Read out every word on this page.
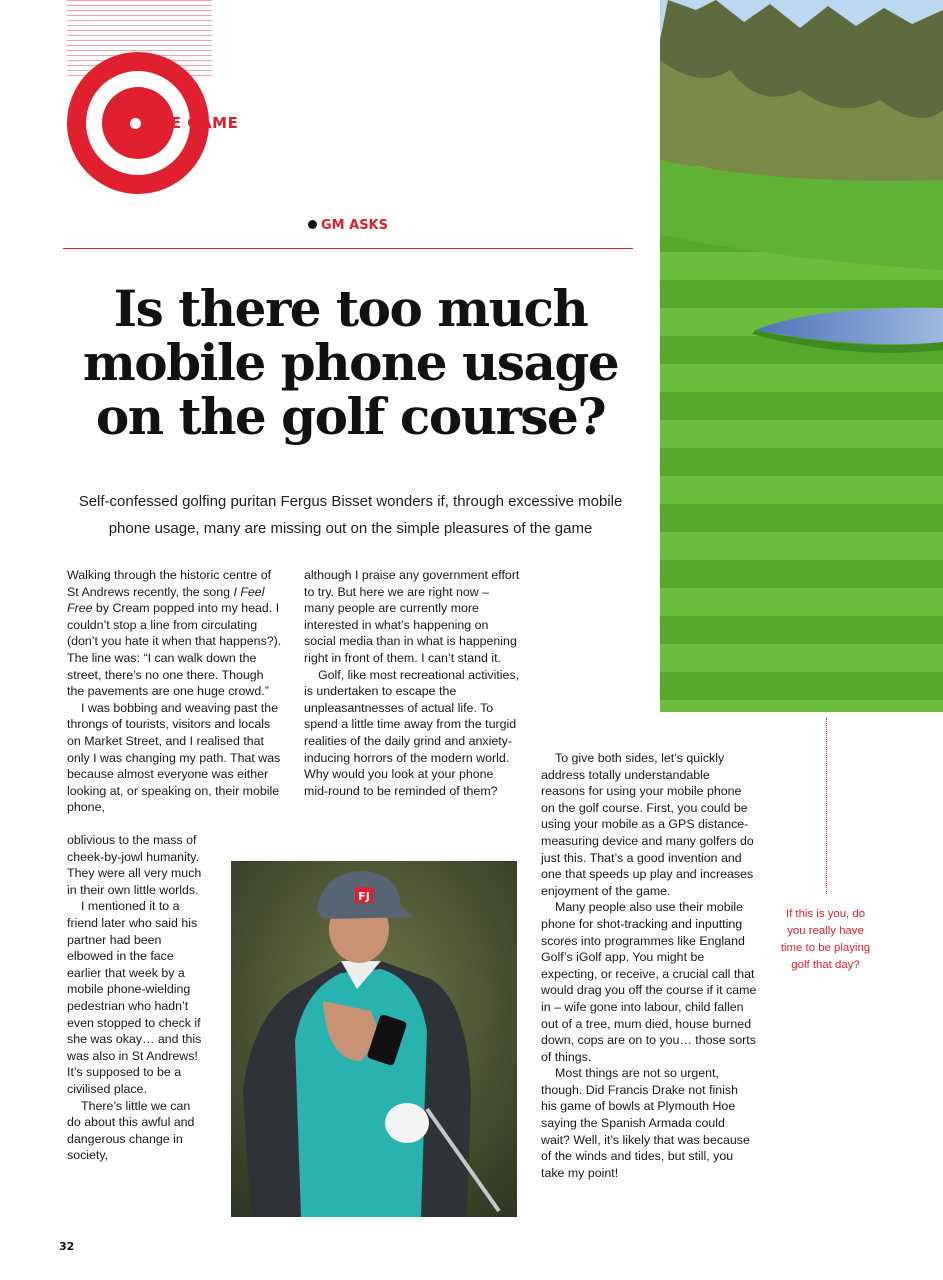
THE GAME
GM ASKS
Is there too much mobile phone usage on the golf course?

Self-confessed golfing puritan Fergus Bisset wonders if, through excessive mobile phone usage, many are missing out on the simple pleasures of the game

Walking through the historic centre of St Andrews recently, the song I Feel Free by Cream popped into my head. I couldn’t stop a line from circulating (don’t you hate it when that happens?). The line was: “I can walk down the street, there’s no one there. Though the pavements are one huge crowd.”

I was bobbing and weaving past the throngs of tourists, visitors and locals on Market Street, and I realised that only I was changing my path. That was because almost everyone was either looking at, or speaking on, their mobile phone,

oblivious to the mass of cheek-by-jowl humanity. They were all very much in their own little worlds.

I mentioned it to a friend later who said his partner had been elbowed in the face earlier that week by a mobile phone-wielding pedestrian who hadn’t even stopped to check if she was okay… and this was also in St Andrews! It’s supposed to be a civilised place.

There’s little we can do about this awful and dangerous change in society,

although I praise any government effort to try. But here we are right now – many people are currently more interested in what’s happening on social media than in what is happening right in front of them. I can’t stand it.

Golf, like most recreational activities, is undertaken to escape the unpleasantnesses of actual life. To spend a little time away from the turgid realities of the daily grind and anxiety-inducing horrors of the modern world. Why would you look at your phone mid-round to be reminded of them?

To give both sides, let’s quickly address totally understandable reasons for using your mobile phone on the golf course. First, you could be using your mobile as a GPS distance-measuring device and many golfers do just this. That’s a good invention and one that speeds up play and increases enjoyment of the game.

Many people also use their mobile phone for shot-tracking and inputting scores into programmes like England Golf’s iGolf app. You might be expecting, or receive, a crucial call that would drag you off the course if it came in – wife gone into labour, child fallen out of a tree, mum died, house burned down, cops are on to you… those sorts of things.

Most things are not so urgent, though. Did Francis Drake not finish his game of bowls at Plymouth Hoe saying the Spanish Armada could wait? Well, it’s likely that was because of the winds and tides, but still, you take my point!

FJ

If this is you, do you really have time to be playing golf that day?

32
